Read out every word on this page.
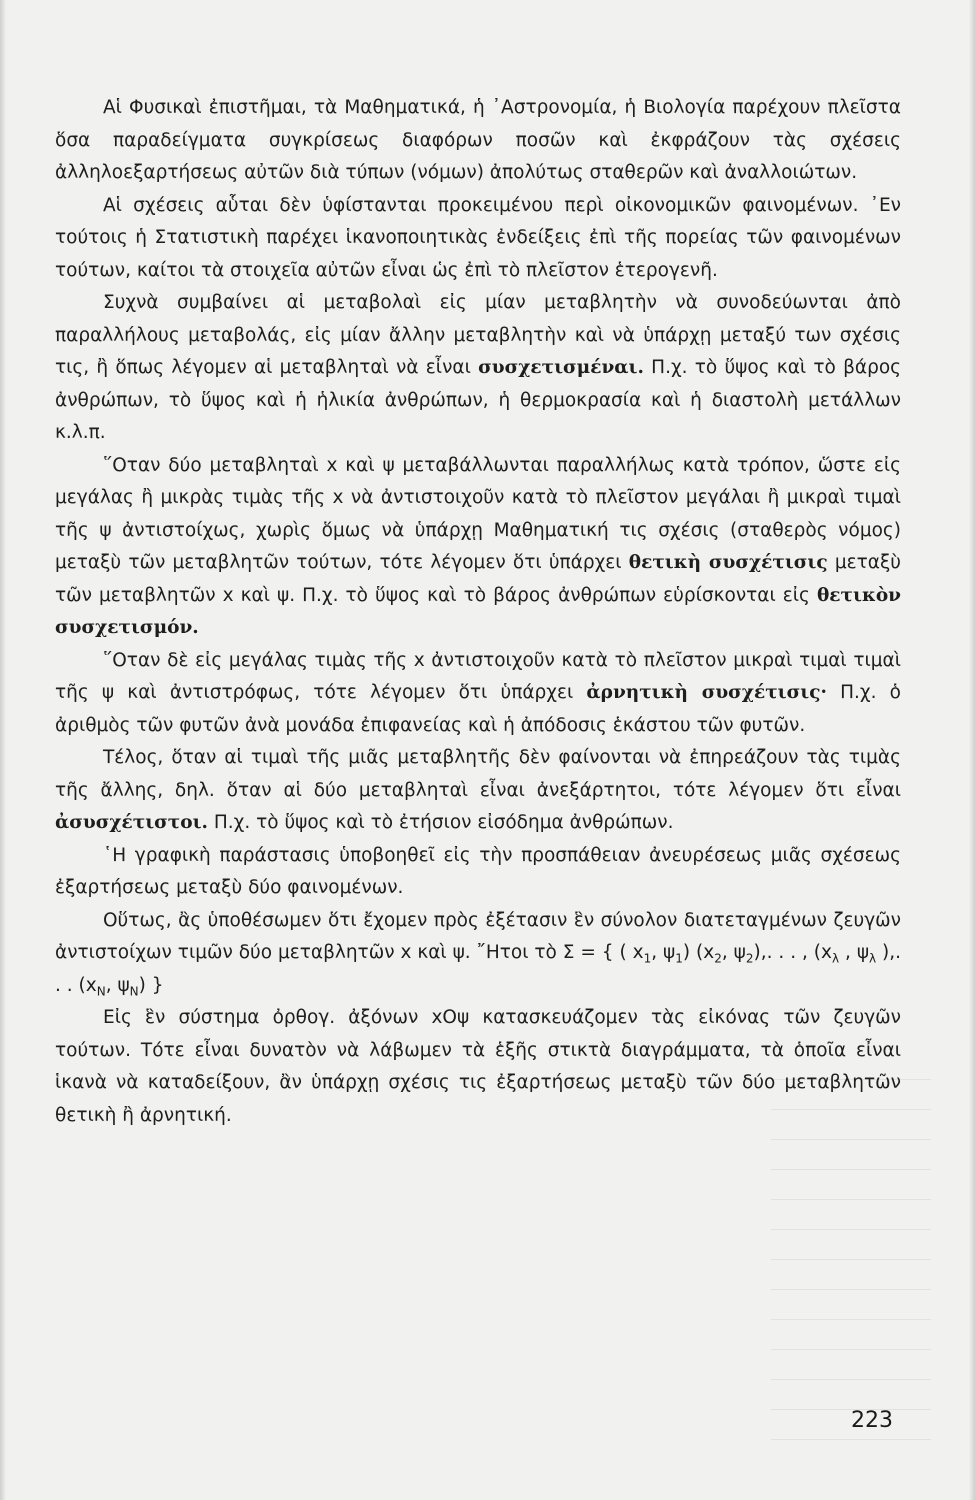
Αἱ Φυσικαὶ ἐπιστῆμαι, τὰ Μαθηματικά, ἡ ᾿Αστρονομία, ἡ Βιολογία παρέχουν πλεῖστα ὅσα παραδείγματα συγκρίσεως διαφόρων ποσῶν καὶ ἐκφράζουν τὰς σχέσεις ἀλληλοεξαρτήσεως αὐτῶν διὰ τύπων (νόμων) ἀπολύτως σταθερῶν καὶ ἀναλλοιώτων.

Αἱ σχέσεις αὗται δὲν ὑφίστανται προκειμένου περὶ οἰκονομικῶν φαινομένων. ᾿Εν τούτοις ἡ Στατιστικὴ παρέχει ἱκανοποιητικὰς ἐνδείξεις ἐπὶ τῆς πορείας τῶν φαινομένων τούτων, καίτοι τὰ στοιχεῖα αὐτῶν εἶναι ὡς ἐπὶ τὸ πλεῖστον ἑτερογενῆ.

Συχνὰ συμβαίνει αἱ μεταβολαὶ εἰς μίαν μεταβλητὴν νὰ συνοδεύωνται ἀπὸ παραλλήλους μεταβολάς, εἰς μίαν ἄλλην μεταβλητὴν καὶ νὰ ὑπάρχῃ μεταξύ των σχέσις τις, ἢ ὅπως λέγομεν αἱ μεταβληταὶ νὰ εἶναι συσχετισμέναι. Π.χ. τὸ ὕψος καὶ τὸ βάρος ἀνθρώπων, τὸ ὕψος καὶ ἡ ἡλικία ἀνθρώπων, ἡ θερμοκρασία καὶ ἡ διαστολὴ μετάλλων κ.λ.π.

῞Οταν δύο μεταβληταὶ x καὶ ψ μεταβάλλωνται παραλλήλως κατὰ τρόπον, ὥστε εἰς μεγάλας ἢ μικρὰς τιμὰς τῆς x νὰ ἀντιστοιχοῦν κατὰ τὸ πλεῖστον μεγάλαι ἢ μικραὶ τιμαὶ τῆς ψ ἀντιστοίχως, χωρὶς ὅμως νὰ ὑπάρχῃ Μαθηματική τις σχέσις (σταθερὸς νόμος) μεταξὺ τῶν μεταβλητῶν τούτων, τότε λέγομεν ὅτι ὑπάρχει θετικὴ συσχέτισις μεταξὺ τῶν μεταβλητῶν x καὶ ψ. Π.χ. τὸ ὕψος καὶ τὸ βάρος ἀνθρώπων εὑρίσκονται εἰς θετικὸν συσχετισμόν.

῞Οταν δὲ εἰς μεγάλας τιμὰς τῆς x ἀντιστοιχοῦν κατὰ τὸ πλεῖστον μικραὶ τιμαὶ τιμαὶ τῆς ψ καὶ ἀντιστρόφως, τότε λέγομεν ὅτι ὑπάρχει ἀρνητικὴ συσχέτισις· Π.χ. ὁ ἀριθμὸς τῶν φυτῶν ἀνὰ μονάδα ἐπιφανείας καὶ ἡ ἀπόδοσις ἑκάστου τῶν φυτῶν.

Τέλος, ὅταν αἱ τιμαὶ τῆς μιᾶς μεταβλητῆς δὲν φαίνονται νὰ ἐπηρεάζουν τὰς τιμὰς τῆς ἄλλης, δηλ. ὅταν αἱ δύο μεταβληταὶ εἶναι ἀνεξάρτητοι, τότε λέγομεν ὅτι εἶναι ἀσυσχέτιστοι. Π.χ. τὸ ὕψος καὶ τὸ ἐτήσιον εἰσόδημα ἀνθρώπων.

῾Η γραφικὴ παράστασις ὑποβοηθεῖ εἰς τὴν προσπάθειαν ἀνευρέσεως μιᾶς σχέσεως ἐξαρτήσεως μεταξὺ δύο φαινομένων.

Οὕτως, ἂς ὑποθέσωμεν ὅτι ἔχομεν πρὸς ἐξέτασιν ἓν σύνολον διατεταγμένων ζευγῶν ἀντιστοίχων τιμῶν δύο μεταβλητῶν x καὶ ψ. ῎Ητοι τὸ Σ = { ( $x_1$, $\psi_1$) ($x_2$, $\psi_2$),. . . , ($x_\lambda$ , $\psi_\lambda$ ),. . . ($x_N$, $\psi_N$) }

Εἰς ἓν σύστημα ὀρθογ. ἀξόνων xOψ κατασκευάζομεν τὰς εἰκόνας τῶν ζευγῶν τούτων. Τότε εἶναι δυνατὸν νὰ λάβωμεν τὰ ἑξῆς στικτὰ διαγράμματα, τὰ ὁποῖα εἶναι ἱκανὰ νὰ καταδείξουν, ἂν ὑπάρχῃ σχέσις τις ἐξαρτήσεως μεταξὺ τῶν δύο μεταβλητῶν θετικὴ ἢ ἀρνητική.

223
